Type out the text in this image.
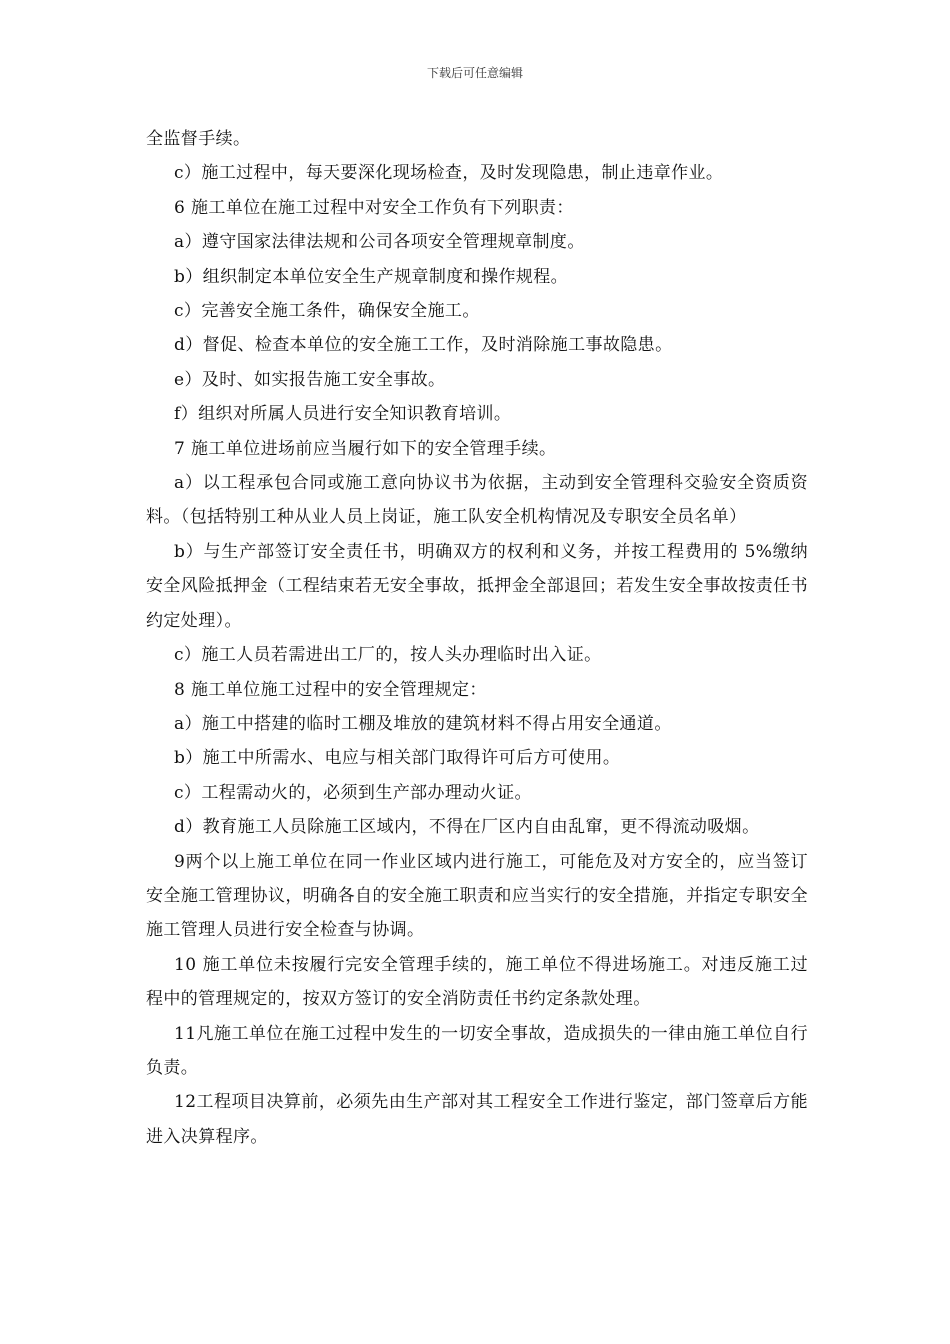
下载后可任意编辑

全监督手续。

c）施工过程中，每天要深化现场检查，及时发现隐患，制止违章作业。

6 施工单位在施工过程中对安全工作负有下列职责：

a）遵守国家法律法规和公司各项安全管理规章制度。

b）组织制定本单位安全生产规章制度和操作规程。

c）完善安全施工条件，确保安全施工。

d）督促、检查本单位的安全施工工作，及时消除施工事故隐患。

e）及时、如实报告施工安全事故。

f）组织对所属人员进行安全知识教育培训。

7 施工单位进场前应当履行如下的安全管理手续。

a）以工程承包合同或施工意向协议书为依据，主动到安全管理科交验安全资质资料。（包括特别工种从业人员上岗证，施工队安全机构情况及专职安全员名单）

b）与生产部签订安全责任书，明确双方的权利和义务，并按工程费用的 5%缴纳安全风险抵押金（工程结束若无安全事故，抵押金全部退回；若发生安全事故按责任书约定处理）。

c）施工人员若需进出工厂的，按人头办理临时出入证。

8 施工单位施工过程中的安全管理规定：

a）施工中搭建的临时工棚及堆放的建筑材料不得占用安全通道。

b）施工中所需水、电应与相关部门取得许可后方可使用。

c）工程需动火的，必须到生产部办理动火证。

d）教育施工人员除施工区域内，不得在厂区内自由乱窜，更不得流动吸烟。

9两个以上施工单位在同一作业区域内进行施工，可能危及对方安全的，应当签订安全施工管理协议，明确各自的安全施工职责和应当实行的安全措施，并指定专职安全施工管理人员进行安全检查与协调。

10 施工单位未按履行完安全管理手续的，施工单位不得进场施工。对违反施工过程中的管理规定的，按双方签订的安全消防责任书约定条款处理。

11凡施工单位在施工过程中发生的一切安全事故，造成损失的一律由施工单位自行负责。

12工程项目决算前，必须先由生产部对其工程安全工作进行鉴定，部门签章后方能进入决算程序。
